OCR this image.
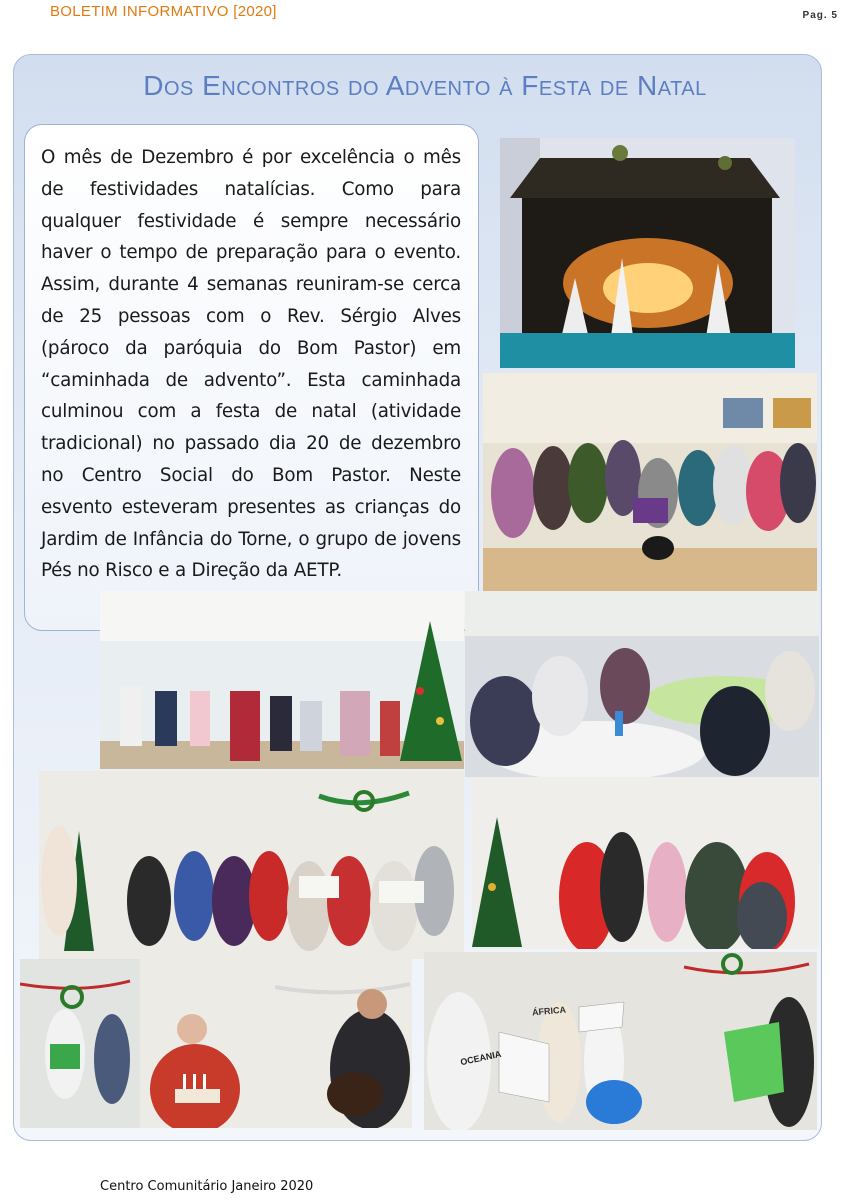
BOLETIM INFORMATIVO [2020]	Pag. 5
Dos Encontros do Advento à Festa de Natal
O mês de Dezembro é por excelência o mês de festividades natalícias. Como para qualquer festividade é sempre necessário haver o tempo de preparação para o evento. Assim, durante 4 semanas reuniram-se cerca de 25 pessoas com o Rev. Sérgio Alves (pároco da paróquia do Bom Pastor) em “caminhada de advento”. Esta caminhada culminou com a festa de natal (atividade tradicional) no passado dia 20 de dezembro no Centro Social do Bom Pastor. Neste esvento esteveram presentes as crianças do Jardim de Infância do Torne, o grupo de jovens Pés no Risco e a Direção da AETP.
OCEANIA
ÁFRICA
Centro Comunitário Janeiro 2020
